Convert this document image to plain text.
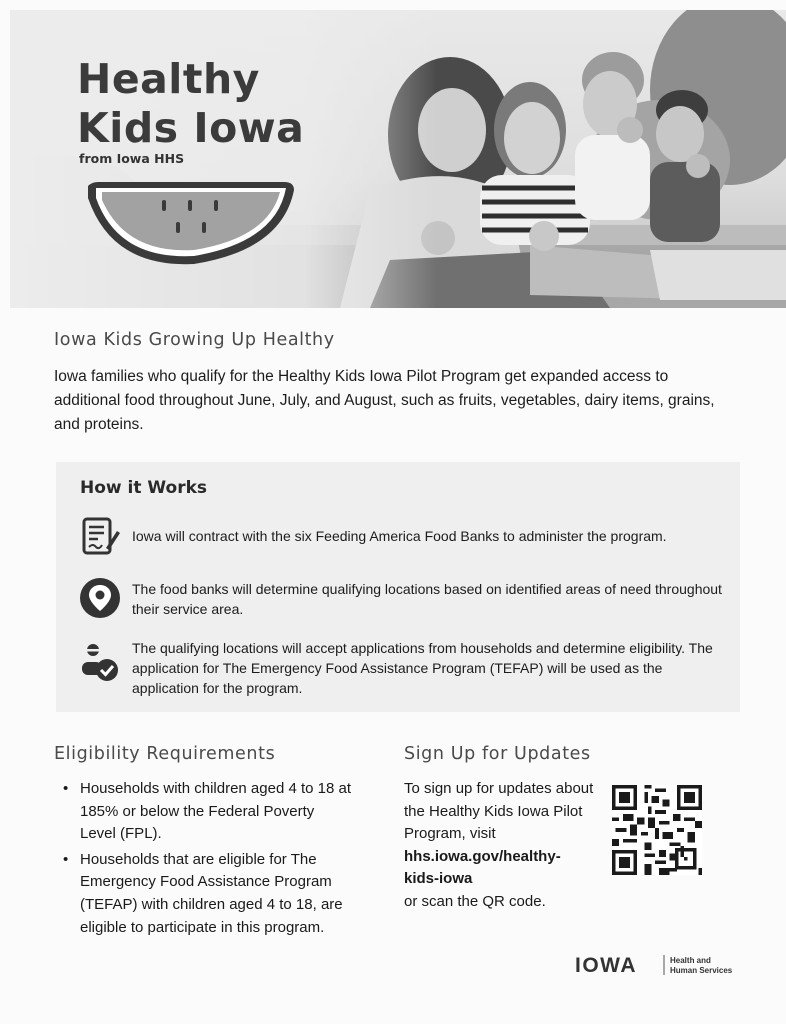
Healthy
Kids Iowa
from Iowa HHS
Iowa Kids Growing Up Healthy
Iowa families who qualify for the Healthy Kids Iowa Pilot Program get expanded access to additional food throughout June, July, and August, such as fruits, vegetables, dairy items, grains, and proteins.
How it Works
Iowa will contract with the six Feeding America Food Banks to administer the program.
The food banks will determine qualifying locations based on identified areas of need throughout their service area.
The qualifying locations will accept applications from households and determine eligibility. The application for The Emergency Food Assistance Program (TEFAP) will be used as the application for the program.
Eligibility Requirements
• Households with children aged 4 to 18 at 185% or below the Federal Poverty Level (FPL).
• Households that are eligible for The Emergency Food Assistance Program (TEFAP) with children aged 4 to 18, are eligible to participate in this program.
Sign Up for Updates
To sign up for updates about the Healthy Kids Iowa Pilot Program, visit
hhs.iowa.gov/healthy-kids-iowa
or scan the QR code.
IOWA	Health and
Human Services
